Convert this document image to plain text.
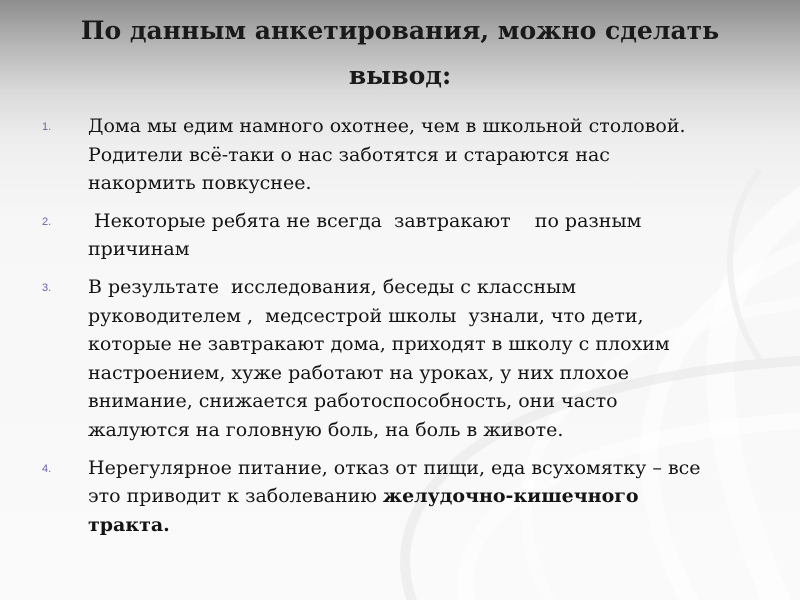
По данным анкетирования, можно сделать
вывод:
1. Дома мы едим намного охотнее, чем в школьной столовой.
Родители всё-таки о нас заботятся и стараются нас
накормить повкуснее.
2. Некоторые ребята не всегда  завтракают    по разным
причинам
3. В результате  исследования, беседы с классным
руководителем ,  медсестрой школы  узнали, что дети,
которые не завтракают дома, приходят в школу с плохим
настроением, хуже работают на уроках, у них плохое
внимание, снижается работоспособность, они часто
жалуются на головную боль, на боль в животе.
4. Нерегулярное питание, отказ от пищи, еда всухомятку – все
это приводит к заболеванию желудочно-кишечного
тракта.
